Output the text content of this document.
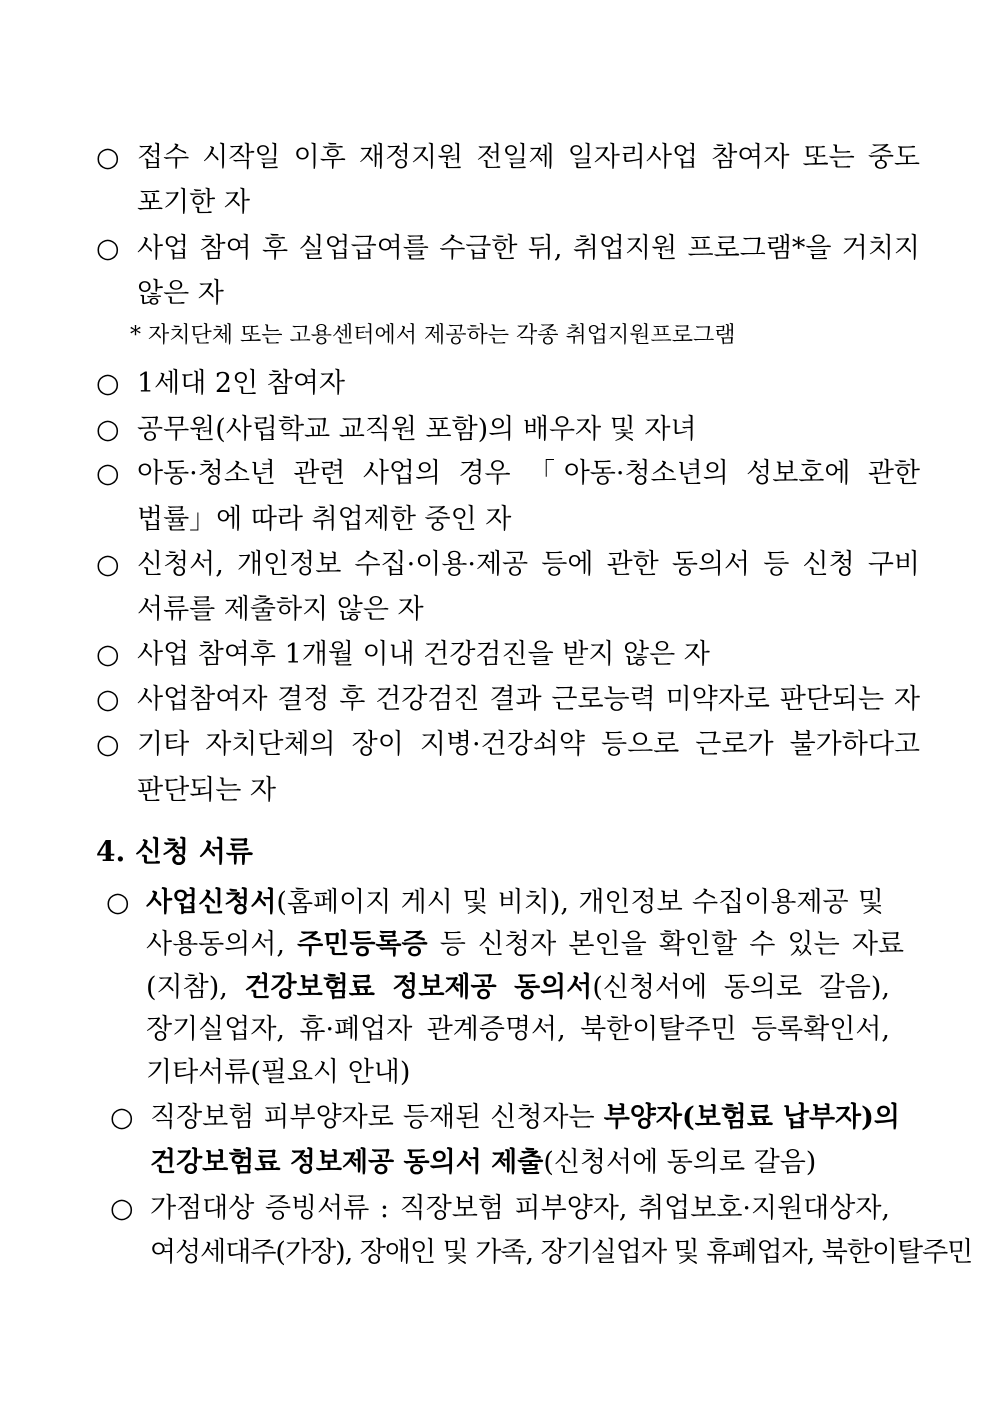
○ 접수 시작일 이후 재정지원 전일제 일자리사업 참여자 또는 중도
포기한 자
○ 사업 참여 후 실업급여를 수급한 뒤, 취업지원 프로그램*을 거치지
않은 자
* 자치단체 또는 고용센터에서 제공하는 각종 취업지원프로그램
○ 1세대 2인 참여자
○ 공무원(사립학교 교직원 포함)의 배우자 및 자녀
○ 아동·청소년 관련 사업의 경우 「아동·청소년의 성보호에 관한
법률」에 따라 취업제한 중인 자
○ 신청서, 개인정보 수집·이용·제공 등에 관한 동의서 등 신청 구비
서류를 제출하지 않은 자
○ 사업 참여후 1개월 이내 건강검진을 받지 않은 자
○ 사업참여자 결정 후 건강검진 결과 근로능력 미약자로 판단되는 자
○ 기타 자치단체의 장이 지병·건강쇠약 등으로 근로가 불가하다고
판단되는 자
4. 신청 서류
○ 사업신청서(홈페이지 게시 및 비치), 개인정보 수집이용제공 및
사용동의서, 주민등록증 등 신청자 본인을 확인할 수 있는 자료
(지참), 건강보험료 정보제공 동의서(신청서에 동의로 갈음),
장기실업자, 휴·폐업자 관계증명서, 북한이탈주민 등록확인서,
기타서류(필요시 안내)
○ 직장보험 피부양자로 등재된 신청자는 부양자(보험료 납부자)의
건강보험료 정보제공 동의서 제출(신청서에 동의로 갈음)
○ 가점대상 증빙서류 : 직장보험 피부양자, 취업보호·지원대상자,
여성세대주(가장), 장애인 및 가족, 장기실업자 및 휴폐업자, 북한이탈주민
